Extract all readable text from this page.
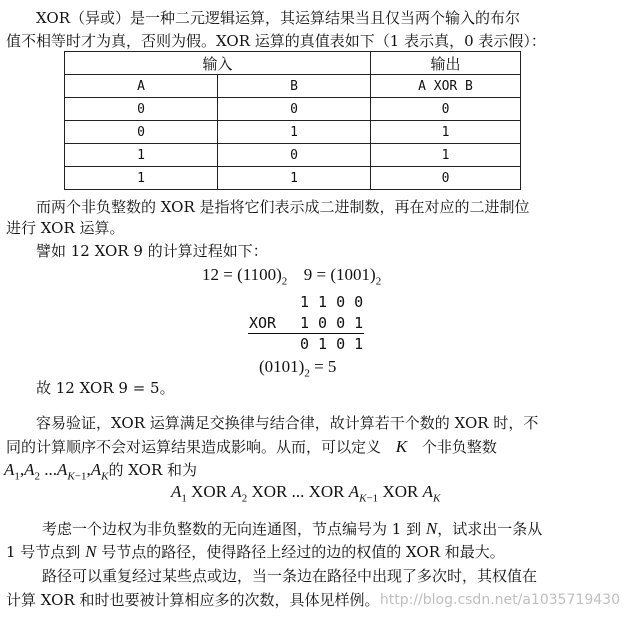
XOR（异或）是一种二元逻辑运算，其运算结果当且仅当两个输入的布尔
值不相等时才为真，否则为假。XOR 运算的真值表如下（1 表示真，0 表示假）：
输入		输出
A	B	A XOR B
0	0	0
0	1	1
1	0	1
1	1	0
而两个非负整数的 XOR 是指将它们表示成二进制数，再在对应的二进制位
进行 XOR 运算。
譬如 12 XOR 9 的计算过程如下：
$12 = (1100)_2$ $9 = (1001)_2$
1 1 0 0
XOR 1 0 0 1
0 1 0 1
$(0101)_2 = 5$
故 12 XOR 9 = 5。
容易验证，XOR 运算满足交换律与结合律，故计算若干个数的 XOR 时，不
同的计算顺序不会对运算结果造成影响。从而，可以定义 K 个非负整数
$A_1,A_2$ $...A_{K-1},A_K$的 XOR 和为
$A_1$ XOR $A_2$ XOR ... XOR $A_{K-1}$ XOR $A_K$
考虑一个边权为非负整数的无向连通图，节点编号为 1 到 N，试求出一条从
1 号节点到 N 号节点的路径，使得路径上经过的边的权值的 XOR 和最大。
路径可以重复经过某些点或边，当一条边在路径中出现了多次时，其权值在
计算 XOR 和时也要被计算相应多的次数，具体见样例。 http://blog.csdn.net/a1035719430
